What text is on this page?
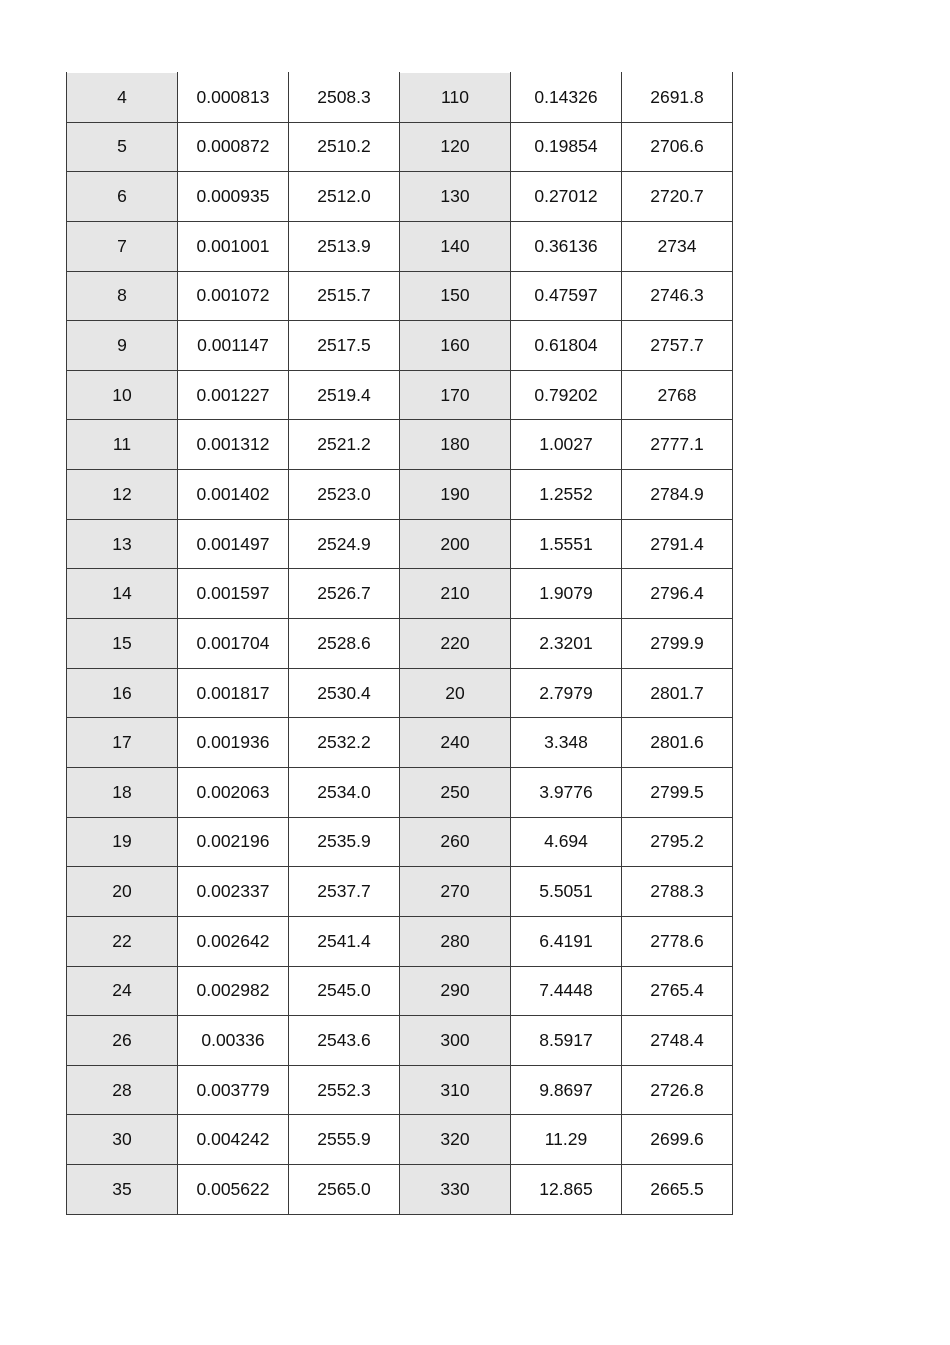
4	0.000813	2508.3	110	0.14326	2691.8
5	0.000872	2510.2	120	0.19854	2706.6
6	0.000935	2512.0	130	0.27012	2720.7
7	0.001001	2513.9	140	0.36136	2734
8	0.001072	2515.7	150	0.47597	2746.3
9	0.001147	2517.5	160	0.61804	2757.7
10	0.001227	2519.4	170	0.79202	2768
11	0.001312	2521.2	180	1.0027	2777.1
12	0.001402	2523.0	190	1.2552	2784.9
13	0.001497	2524.9	200	1.5551	2791.4
14	0.001597	2526.7	210	1.9079	2796.4
15	0.001704	2528.6	220	2.3201	2799.9
16	0.001817	2530.4	20	2.7979	2801.7
17	0.001936	2532.2	240	3.348	2801.6
18	0.002063	2534.0	250	3.9776	2799.5
19	0.002196	2535.9	260	4.694	2795.2
20	0.002337	2537.7	270	5.5051	2788.3
22	0.002642	2541.4	280	6.4191	2778.6
24	0.002982	2545.0	290	7.4448	2765.4
26	0.00336	2543.6	300	8.5917	2748.4
28	0.003779	2552.3	310	9.8697	2726.8
30	0.004242	2555.9	320	11.29	2699.6
35	0.005622	2565.0	330	12.865	2665.5
